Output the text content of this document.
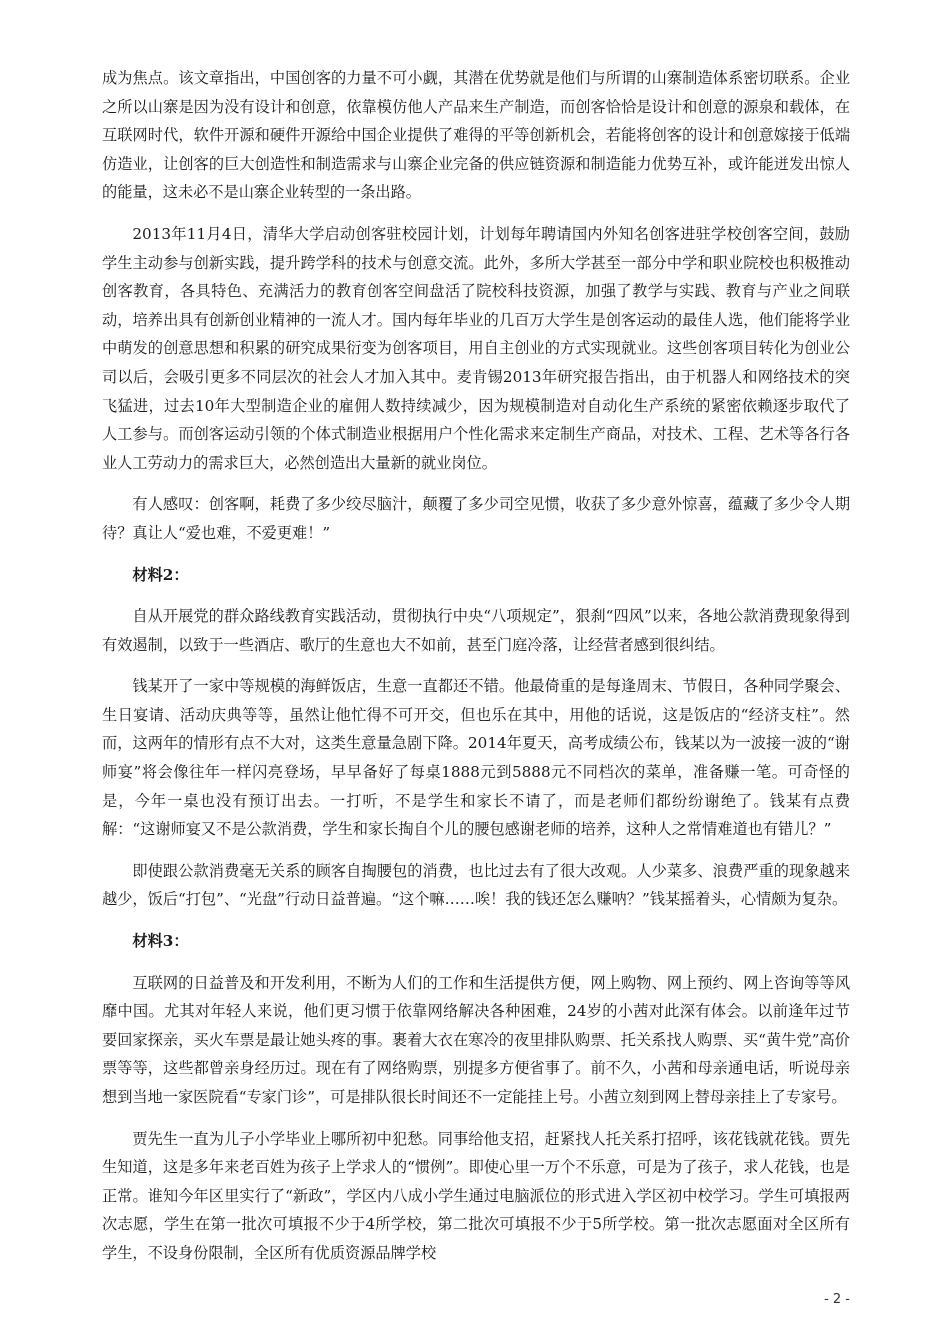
成为焦点。该文章指出，中国创客的力量不可小觑，其潜在优势就是他们与所谓的山寨制造体系密切联系。企业之所以山寨是因为没有设计和创意，依靠模仿他人产品来生产制造，而创客恰恰是设计和创意的源泉和载体，在互联网时代，软件开源和硬件开源给中国企业提供了难得的平等创新机会，若能将创客的设计和创意嫁接于低端仿造业，让创客的巨大创造性和制造需求与山寨企业完备的供应链资源和制造能力优势互补，或许能迸发出惊人的能量，这未必不是山寨企业转型的一条出路。

2013年11月4日，清华大学启动创客驻校园计划，计划每年聘请国内外知名创客进驻学校创客空间，鼓励学生主动参与创新实践，提升跨学科的技术与创意交流。此外，多所大学甚至一部分中学和职业院校也积极推动创客教育，各具特色、充满活力的教育创客空间盘活了院校科技资源，加强了教学与实践、教育与产业之间联动，培养出具有创新创业精神的一流人才。国内每年毕业的几百万大学生是创客运动的最佳人选，他们能将学业中萌发的创意思想和积累的研究成果衍变为创客项目，用自主创业的方式实现就业。这些创客项目转化为创业公司以后，会吸引更多不同层次的社会人才加入其中。麦肯锡2013年研究报告指出，由于机器人和网络技术的突飞猛进，过去10年大型制造企业的雇佣人数持续减少，因为规模制造对自动化生产系统的紧密依赖逐步取代了人工参与。而创客运动引领的个体式制造业根据用户个性化需求来定制生产商品，对技术、工程、艺术等各行各业人工劳动力的需求巨大，必然创造出大量新的就业岗位。

有人感叹：创客啊，耗费了多少绞尽脑汁，颠覆了多少司空见惯，收获了多少意外惊喜，蕴藏了多少令人期待？真让人“爱也难，不爱更难！”

材料2：

自从开展党的群众路线教育实践活动，贯彻执行中央“八项规定”，狠刹“四风”以来，各地公款消费现象得到有效遏制，以致于一些酒店、歌厅的生意也大不如前，甚至门庭冷落，让经营者感到很纠结。

钱某开了一家中等规模的海鲜饭店，生意一直都还不错。他最倚重的是每逢周末、节假日，各种同学聚会、生日宴请、活动庆典等等，虽然让他忙得不可开交，但也乐在其中，用他的话说，这是饭店的“经济支柱”。然而，这两年的情形有点不大对，这类生意量急剧下降。2014年夏天，高考成绩公布，钱某以为一波接一波的“谢师宴”将会像往年一样闪亮登场，早早备好了每桌1888元到5888元不同档次的菜单，准备赚一笔。可奇怪的是，今年一桌也没有预订出去。一打听，不是学生和家长不请了，而是老师们都纷纷谢绝了。钱某有点费解：“这谢师宴又不是公款消费，学生和家长掏自个儿的腰包感谢老师的培养，这种人之常情难道也有错儿？”

即使跟公款消费毫无关系的顾客自掏腰包的消费，也比过去有了很大改观。人少菜多、浪费严重的现象越来越少，饭后“打包”、“光盘”行动日益普遍。“这个嘛……唉！我的钱还怎么赚呐？”钱某摇着头，心情颇为复杂。

材料3：

互联网的日益普及和开发利用，不断为人们的工作和生活提供方便，网上购物、网上预约、网上咨询等等风靡中国。尤其对年轻人来说，他们更习惯于依靠网络解决各种困难，24岁的小茜对此深有体会。以前逢年过节要回家探亲，买火车票是最让她头疼的事。裹着大衣在寒冷的夜里排队购票、托关系找人购票、买“黄牛党”高价票等等，这些都曾亲身经历过。现在有了网络购票，别提多方便省事了。前不久，小茜和母亲通电话，听说母亲想到当地一家医院看“专家门诊”，可是排队很长时间还不一定能挂上号。小茜立刻到网上替母亲挂上了专家号。

贾先生一直为儿子小学毕业上哪所初中犯愁。同事给他支招，赶紧找人托关系打招呼，该花钱就花钱。贾先生知道，这是多年来老百姓为孩子上学求人的“惯例”。即使心里一万个不乐意，可是为了孩子，求人花钱，也是正常。谁知今年区里实行了“新政”，学区内八成小学生通过电脑派位的形式进入学区初中校学习。学生可填报两次志愿，学生在第一批次可填报不少于4所学校，第二批次可填报不少于5所学校。第一批次志愿面对全区所有学生，不设身份限制，全区所有优质资源品牌学校

- 2 -
